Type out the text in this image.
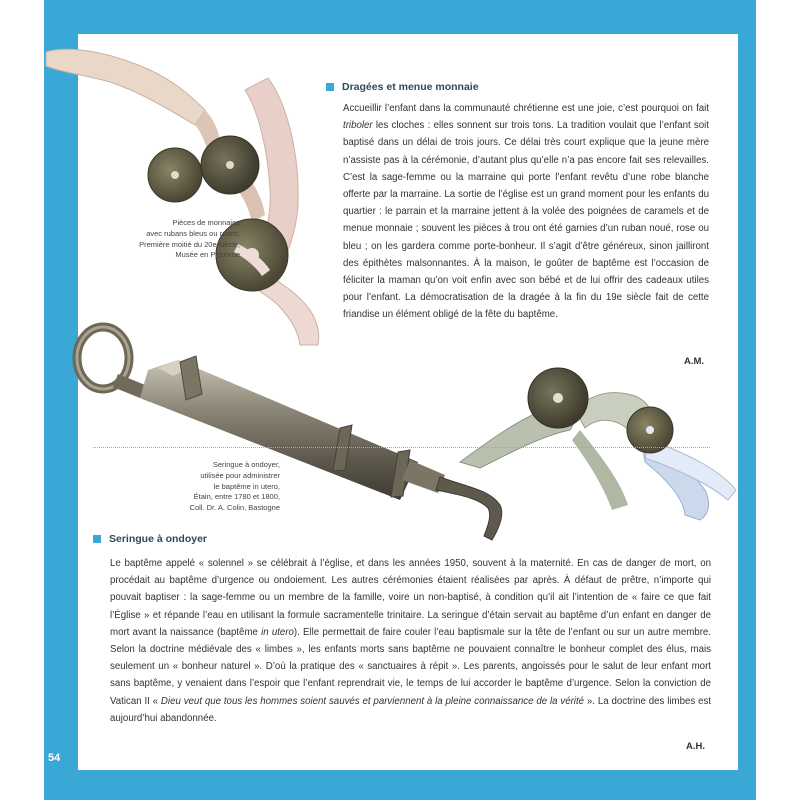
54
Dragées et menue monnaie
Accueillir l’enfant dans la communauté chrétienne est une joie, c’est pourquoi on fait triboler les cloches : elles sonnent sur trois tons. La tradition voulait que l’enfant soit baptisé dans un délai de trois jours. Ce délai très court explique que la jeune mère n’assiste pas à la cérémonie, d’autant plus qu’elle n’a pas encore fait ses relevailles. C’est la sage-femme ou la marraine qui porte l’enfant revêtu d’une robe blanche offerte par la marraine. La sortie de l’église est un grand moment pour les enfants du quartier : le parrain et la marraine jettent à la volée des poignées de caramels et de menue monnaie ; souvent les pièces à trou ont été garnies d’un ruban noué, rose ou bleu ; on les gardera comme porte-bonheur. Il s’agit d’être généreux, sinon jailliront des épithètes malsonnantes. À la maison, le goûter de baptême est l’occasion de féliciter la maman qu’on voit enfin avec son bébé et de lui offrir des cadeaux utiles pour l’enfant. La démocratisation de la dragée à la fin du 19e siècle fait de cette friandise un élément obligé de la fête du baptême.
A.M.
Pièces de monnaies
avec rubans bleus ou roses,
Première moitié du 20e siècle,
Musée en Piconrue
Seringue à ondoyer,
utilisée pour administrer
le baptême in utero,
Étain, entre 1780 et 1800,
Coll. Dr. A. Colin, Bastogne
Seringue à ondoyer
Le baptême appelé « solennel » se célébrait à l’église, et dans les années 1950, souvent à la maternité. En cas de danger de mort, on procédait au baptême d’urgence ou ondoiement. Les autres cérémonies étaient réalisées par après. À défaut de prêtre, n’importe qui pouvait baptiser : la sage-femme ou un membre de la famille, voire un non-baptisé, à condition qu’il ait l’intention de « faire ce que fait l’Église » et répande l’eau en utilisant la formule sacramentelle trinitaire. La seringue d’étain servait au baptême d’un enfant en danger de mort avant la naissance (baptême in utero). Elle permettait de faire couler l’eau baptismale sur la tête de l’enfant ou sur un autre membre. Selon la doctrine médiévale des « limbes », les enfants morts sans baptême ne pouvaient connaître le bonheur complet des élus, mais seulement un « bonheur naturel ». D’où la pratique des « sanctuaires à répit ». Les parents, angoissés pour le salut de leur enfant mort sans baptême, y venaient dans l’espoir que l’enfant reprendrait vie, le temps de lui accorder le baptême d’urgence. Selon la conviction de Vatican II « Dieu veut que tous les hommes soient sauvés et parviennent à la pleine connaissance de la vérité ». La doctrine des limbes est aujourd’hui abandonnée.
A.H.
